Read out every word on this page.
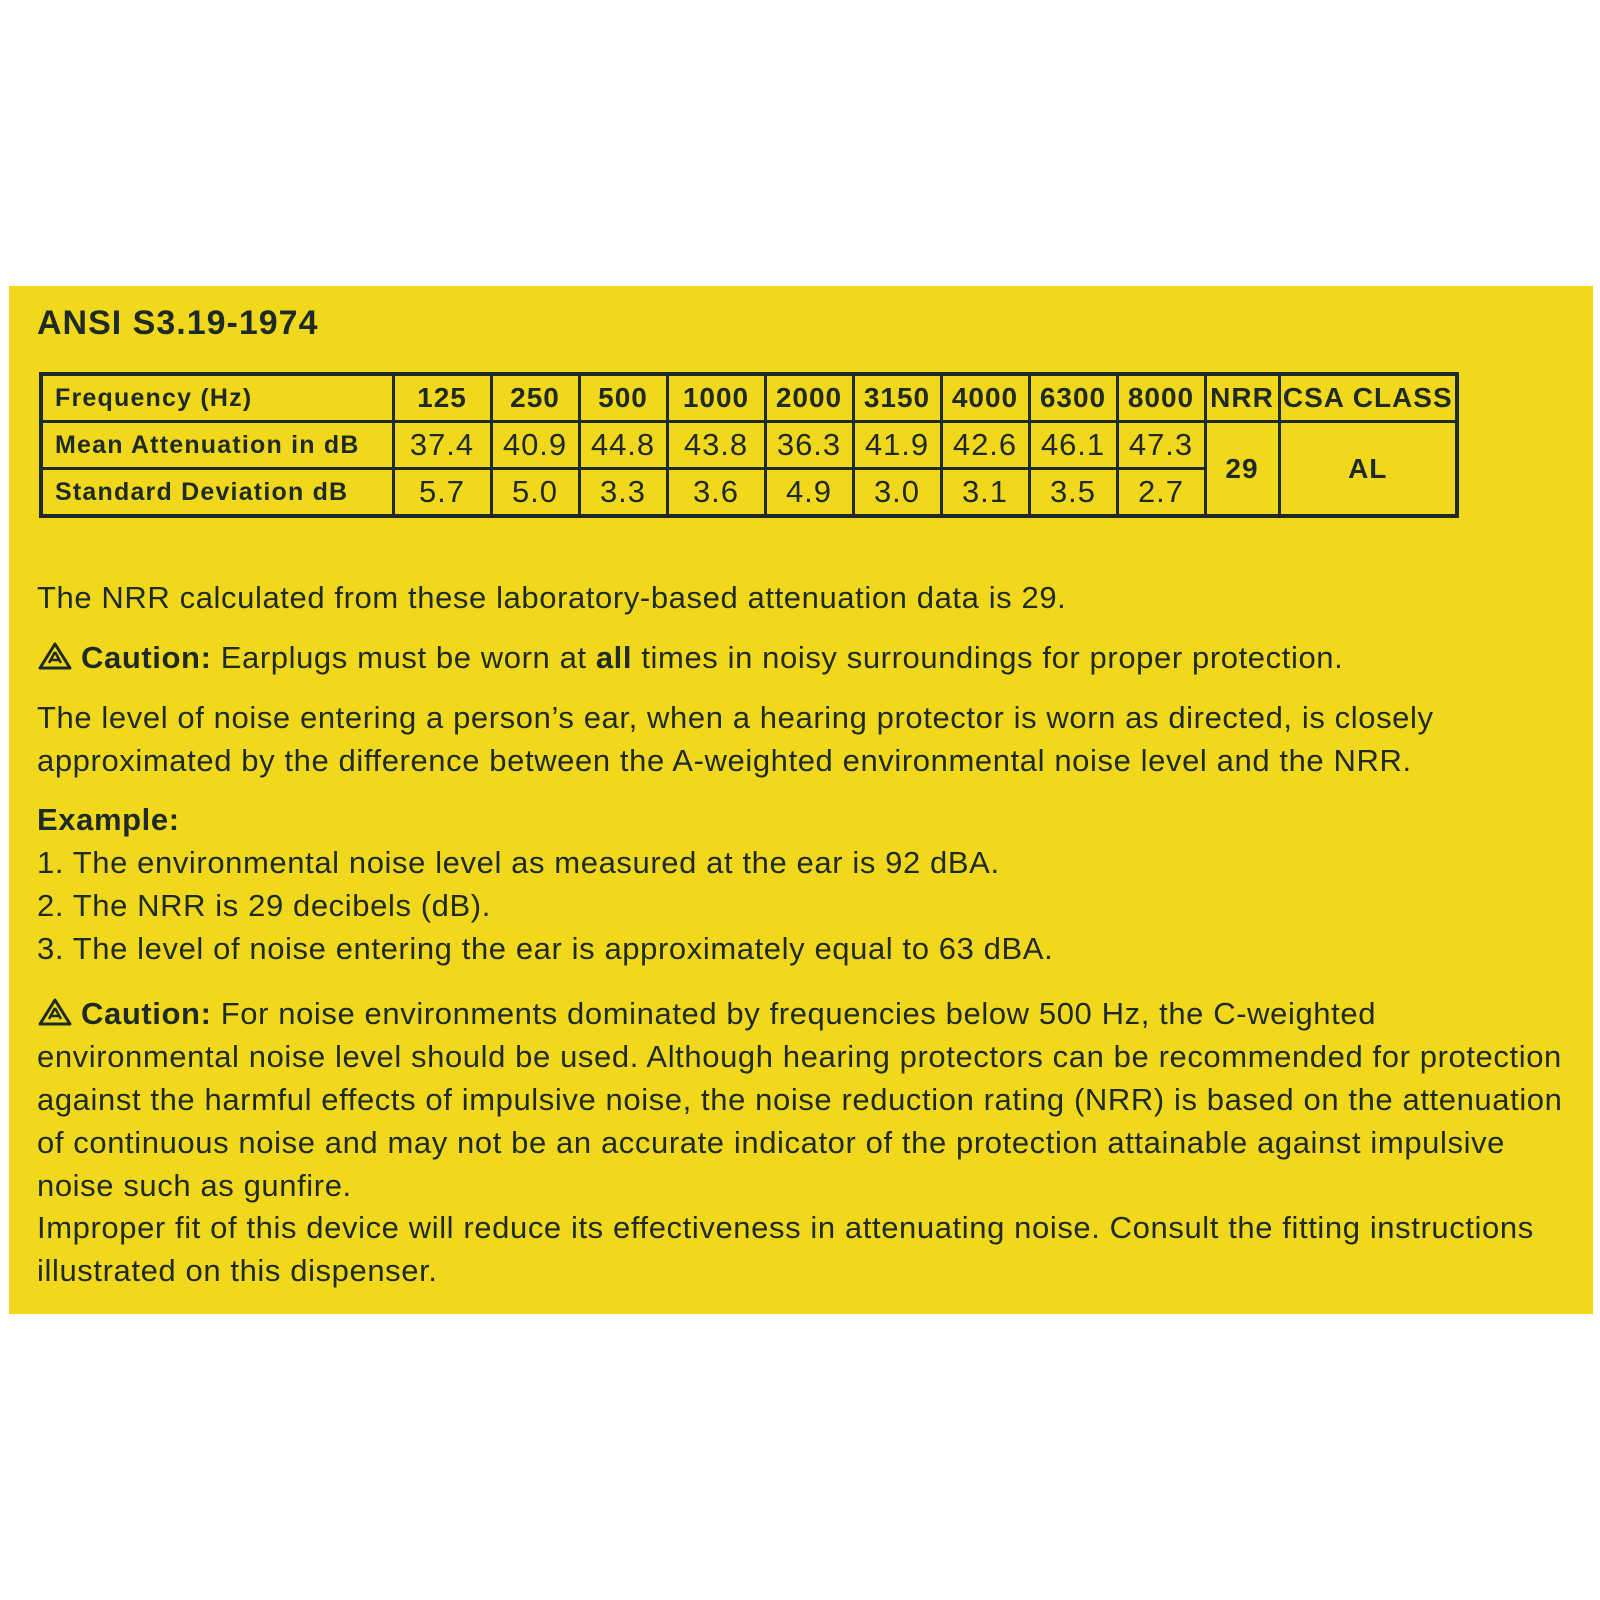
ANSI S3.19-1974
Frequency (Hz)	125	250	500	1000	2000	3150	4000	6300	8000	NRR	CSA CLASS
Mean Attenuation in dB	37.4	40.9	44.8	43.8	36.3	41.9	42.6	46.1	47.3	29	AL
Standard Deviation dB	5.7	5.0	3.3	3.6	4.9	3.0	3.1	3.5	2.7		
The NRR calculated from these laboratory-based attenuation data is 29.
Caution: Earplugs must be worn at all times in noisy surroundings for proper protection.
The level of noise entering a person’s ear, when a hearing protector is worn as directed, is closely approximated by the difference between the A-weighted environmental noise level and the NRR.
Example:
1. The environmental noise level as measured at the ear is 92 dBA.
2. The NRR is 29 decibels (dB).
3. The level of noise entering the ear is approximately equal to 63 dBA.
Caution: For noise environments dominated by frequencies below 500 Hz, the C-weighted environmental noise level should be used. Although hearing protectors can be recommended for protection against the harmful effects of impulsive noise, the noise reduction rating (NRR) is based on the attenuation of continuous noise and may not be an accurate indicator of the protection attainable against impulsive noise such as gunfire.
Improper fit of this device will reduce its effectiveness in attenuating noise. Consult the fitting instructions illustrated on this dispenser.
